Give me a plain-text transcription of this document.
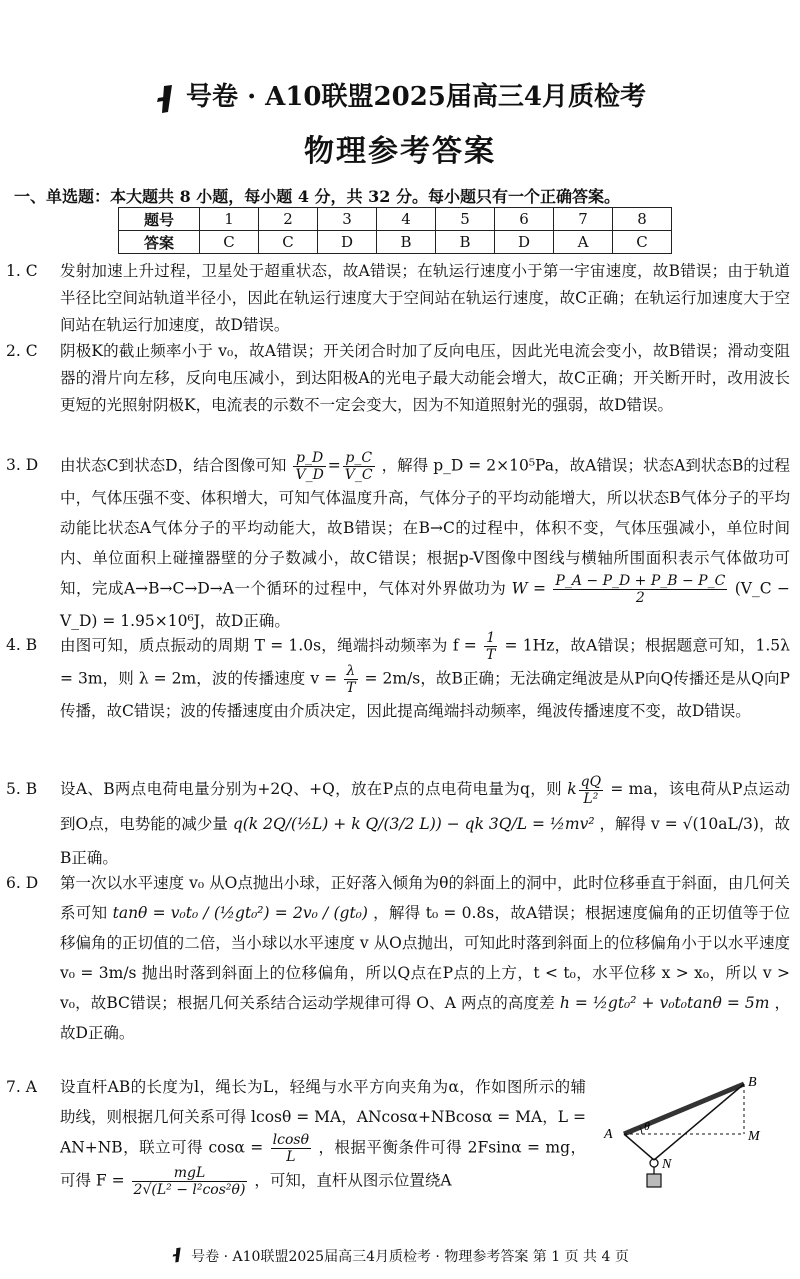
号卷 · A10联盟2025届高三4月质检考
物理参考答案
一、单选题：本大题共 8 小题，每小题 4 分，共 32 分。每小题只有一个正确答案。
题号	1	2	3	4	5	6	7	8
答案	C	C	D	B	B	D	A	C
1. C	发射加速上升过程，卫星处于超重状态，故A错误；在轨运行速度小于第一宇宙速度，故B错误；由于轨道半径比空间站轨道半径小，因此在轨运行速度大于空间站在轨运行速度，故C正确；在轨运行加速度大于空间站在轨运行加速度，故D错误。
2. C	阴极K的截止频率小于 v₀，故A错误；开关闭合时加了反向电压，因此光电流会变小，故B错误；滑动变阻器的滑片向左移，反向电压减小，到达阳极A的光电子最大动能会增大，故C正确；开关断开时，改用波长更短的光照射阴极K，电流表的示数不一定会变大，因为不知道照射光的强弱，故D错误。
3. D	由状态C到状态D，结合图像可知 $\frac{p\_D}{V\_D} = \frac{p\_C}{V\_C}$ ，解得 p_D = 2×10⁵Pa，故A错误；状态A到状态B的过程中，气体压强不变、体积增大，可知气体温度升高，气体分子的平均动能增大，所以状态B气体分子的平均动能比状态A气体分子的平均动能大，故B错误；在B→C的过程中，体积不变，气体压强减小，单位时间内、单位面积上碰撞器壁的分子数减小，故C错误；根据p-V图像中图线与横轴所围面积表示气体做功可知，完成A→B→C→D→A一个循环的过程中，气体对外界做功为 $W = \frac{P\_A - P\_D + P\_B - P\_C}{2}$ (V_C − V_D) = 1.95×10⁶J，故D正确。
4. B	由图可知，质点振动的周期 T = 1.0s，绳端抖动频率为 $f = \frac{1}{T} = 1Hz$，故A错误；根据题意可知，1.5λ = 3m，则 λ = 2m，波的传播速度 $v = \frac{\lambda}{T} = 2m/s$，故B正确；无法确定绳波是从P向Q传播还是从Q向P传播，故C错误；波的传播速度由介质决定，因此提高绳端抖动频率，绳波传播速度不变，故D错误。
5. B	设A、B两点电荷电量分别为+2Q、+Q，放在P点的点电荷电量为q，则 k $\frac{qQ}{\text{L²}}$ = ma，该电荷从P点运动到O点，电势能的减少量 q(k 2Q/(½L) + k Q/(3/2 L)) − qk 3Q/L = ½mv² ，解得 v = √(10aL/3)，故B正确。
6. D	第一次以水平速度 v₀ 从O点抛出小球，正好落入倾角为θ的斜面上的洞中，此时位移垂直于斜面，由几何关系可知 tanθ = v₀t₀ / (½gt₀²) = 2v₀ / (gt₀) ，解得 t₀ = 0.8s，故A错误；根据速度偏角的正切值等于位移偏角的正切值的二倍，当小球以水平速度 v 从O点抛出，可知此时落到斜面上的位移偏角小于以水平速度 v₀ = 3m/s 抛出时落到斜面上的位移偏角，所以Q点在P点的上方，t < t₀，水平位移 x > x₀，所以 v > v₀，故BC错误；根据几何关系结合运动学规律可得 O、A 两点的高度差 h = ½gt₀² + v₀t₀tanθ = 5m ，故D正确。
7. A	设直杆AB的长度为l，绳长为L，轻绳与水平方向夹角为α，作如图所示的辅助线，则根据几何关系可得 lcosθ = MA，ANcosα+NBcosα = MA，L = AN+NB，联立可得 $\cos\alpha = \frac{lcos\theta}{L}$ ，根据平衡条件可得 2Fsinα = mg，可得 $F = \frac{\text{mgL}}{\text{2√(L² − l²cos²θ)}}$ ，可知，直杆从图示位置绕A
B
A	M
N
θ
号卷 · A10联盟2025届高三4月质检考 · 物理参考答案 第 1 页 共 4 页
